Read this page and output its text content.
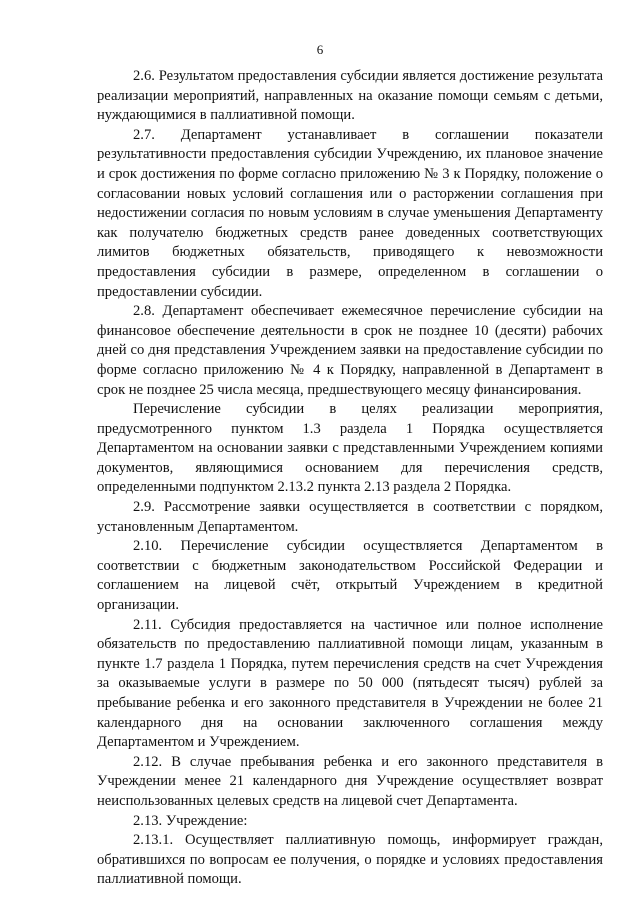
6

2.6. Результатом предоставления субсидии является достижение результата реализации мероприятий, направленных на оказание помощи семьям с детьми, нуждающимися в паллиативной помощи.

2.7. Департамент устанавливает в соглашении показатели результативности предоставления субсидии Учреждению, их плановое значение и срок достижения по форме согласно приложению № 3 к Порядку, положение о согласовании новых условий соглашения или о расторжении соглашения при недостижении согласия по новым условиям в случае уменьшения Департаменту как получателю бюджетных средств ранее доведенных соответствующих лимитов бюджетных обязательств, приводящего к невозможности предоставления субсидии в размере, определенном в соглашении о предоставлении субсидии.

2.8. Департамент обеспечивает ежемесячное перечисление субсидии на финансовое обеспечение деятельности в срок не позднее 10 (десяти) рабочих дней со дня представления Учреждением заявки на предоставление субсидии по форме согласно приложению № 4 к Порядку, направленной в Департамент в срок не позднее 25 числа месяца, предшествующего месяцу финансирования.

Перечисление субсидии в целях реализации мероприятия, предусмотренного пунктом 1.3 раздела 1 Порядка осуществляется Департаментом на основании заявки с представленными Учреждением копиями документов, являющимися основанием для перечисления средств, определенными подпунктом 2.13.2 пункта 2.13 раздела 2 Порядка.

2.9. Рассмотрение заявки осуществляется в соответствии с порядком, установленным Департаментом.

2.10. Перечисление субсидии осуществляется Департаментом в соответствии с бюджетным законодательством Российской Федерации и соглашением на лицевой счёт, открытый Учреждением в кредитной организации.

2.11. Субсидия предоставляется на частичное или полное исполнение обязательств по предоставлению паллиативной помощи лицам, указанным в пункте 1.7 раздела 1 Порядка, путем перечисления средств на счет Учреждения за оказываемые услуги в размере по 50 000 (пятьдесят тысяч) рублей за пребывание ребенка и его законного представителя в Учреждении не более 21 календарного дня на основании заключенного соглашения между Департаментом и Учреждением.

2.12. В случае пребывания ребенка и его законного представителя в Учреждении менее 21 календарного дня Учреждение осуществляет возврат неиспользованных целевых средств на лицевой счет Департамента.

2.13. Учреждение:

2.13.1. Осуществляет паллиативную помощь, информирует граждан, обратившихся по вопросам ее получения, о порядке и условиях предоставления паллиативной помощи.
